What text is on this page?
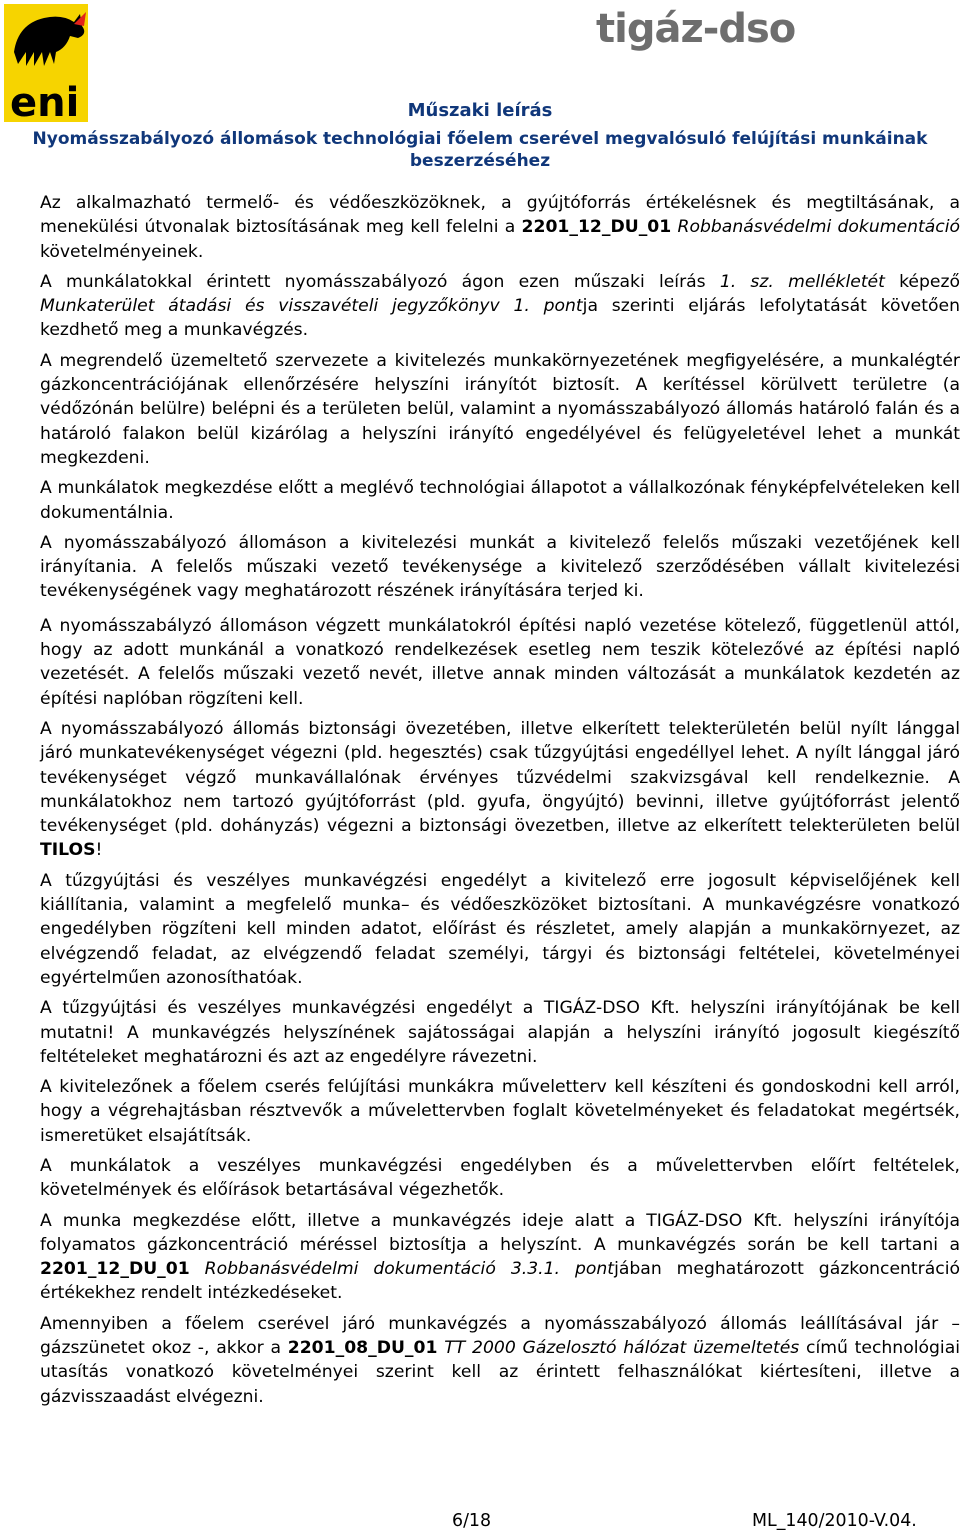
eni
tigáz-dso
Műszaki leírás
Nyomásszabályozó állomások technológiai főelem cserével megvalósuló felújítási munkáinak
beszerzéséhez

Az alkalmazható termelő- és védőeszközöknek, a gyújtóforrás értékelésnek és megtiltásának, a menekülési útvonalak biztosításának meg kell felelni a 2201_12_DU_01 Robbanásvédelmi dokumentáció követelményeinek.

A munkálatokkal érintett nyomásszabályozó ágon ezen műszaki leírás 1. sz. mellékletét képező Munkaterület átadási és visszavételi jegyzőkönyv 1. pontja szerinti eljárás lefolytatását követően kezdhető meg a munkavégzés.

A megrendelő üzemeltető szervezete a kivitelezés munkakörnyezetének megfigyelésére, a munkalégtér gázkoncentrációjának ellenőrzésére helyszíni irányítót biztosít. A kerítéssel körülvett területre (a védőzónán belülre) belépni és a területen belül, valamint a nyomásszabályozó állomás határoló falán és a határoló falakon belül kizárólag a helyszíni irányító engedélyével és felügyeletével lehet a munkát megkezdeni.

A munkálatok megkezdése előtt a meglévő technológiai állapotot a vállalkozónak fényképfelvételeken kell dokumentálnia.

A nyomásszabályozó állomáson a kivitelezési munkát a kivitelező felelős műszaki vezetőjének kell irányítania. A felelős műszaki vezető tevékenysége a kivitelező szerződésében vállalt kivitelezési tevékenységének vagy meghatározott részének irányítására terjed ki.

A nyomásszabályzó állomáson végzett munkálatokról építési napló vezetése kötelező, függetlenül attól, hogy az adott munkánál a vonatkozó rendelkezések esetleg nem teszik kötelezővé az építési napló vezetését. A felelős műszaki vezető nevét, illetve annak minden változását a munkálatok kezdetén az építési naplóban rögzíteni kell.

A nyomásszabályozó állomás biztonsági övezetében, illetve elkerített telekterületén belül nyílt lánggal járó munkatevékenységet végezni (pld. hegesztés) csak tűzgyújtási engedéllyel lehet. A nyílt lánggal járó tevékenységet végző munkavállalónak érvényes tűzvédelmi szakvizsgával kell rendelkeznie. A munkálatokhoz nem tartozó gyújtóforrást (pld. gyufa, öngyújtó) bevinni, illetve gyújtóforrást jelentő tevékenységet (pld. dohányzás) végezni a biztonsági övezetben, illetve az elkerített telekterületen belül TILOS!

A tűzgyújtási és veszélyes munkavégzési engedélyt a kivitelező erre jogosult képviselőjének kell kiállítania, valamint a megfelelő munka– és védőeszközöket biztosítani. A munkavégzésre vonatkozó engedélyben rögzíteni kell minden adatot, előírást és részletet, amely alapján a munkakörnyezet, az elvégzendő feladat, az elvégzendő feladat személyi, tárgyi és biztonsági feltételei, követelményei egyértelműen azonosíthatóak.

A tűzgyújtási és veszélyes munkavégzési engedélyt a TIGÁZ-DSO Kft. helyszíni irányítójának be kell mutatni! A munkavégzés helyszínének sajátosságai alapján a helyszíni irányító jogosult kiegészítő feltételeket meghatározni és azt az engedélyre rávezetni.

A kivitelezőnek a főelem cserés felújítási munkákra műveletterv kell készíteni és gondoskodni kell arról, hogy a végrehajtásban résztvevők a művelettervben foglalt követelményeket és feladatokat megértsék, ismeretüket elsajátítsák.

A munkálatok a veszélyes munkavégzési engedélyben és a művelettervben előírt feltételek, követelmények és előírások betartásával végezhetők.

A munka megkezdése előtt, illetve a munkavégzés ideje alatt a TIGÁZ-DSO Kft. helyszíni irányítója folyamatos gázkoncentráció méréssel biztosítja a helyszínt. A munkavégzés során be kell tartani a 2201_12_DU_01 Robbanásvédelmi dokumentáció 3.3.1. pontjában meghatározott gázkoncentráció értékekhez rendelt intézkedéseket.

Amennyiben a főelem cserével járó munkavégzés a nyomásszabályozó állomás leállításával jár – gázszünetet okoz -, akkor a 2201_08_DU_01 TT 2000 Gázelosztó hálózat üzemeltetés című technológiai utasítás vonatkozó követelményei szerint kell az érintett felhasználókat kiértesíteni, illetve a gázvisszaadást elvégezni.

6/18	ML_140/2010-V.04.
